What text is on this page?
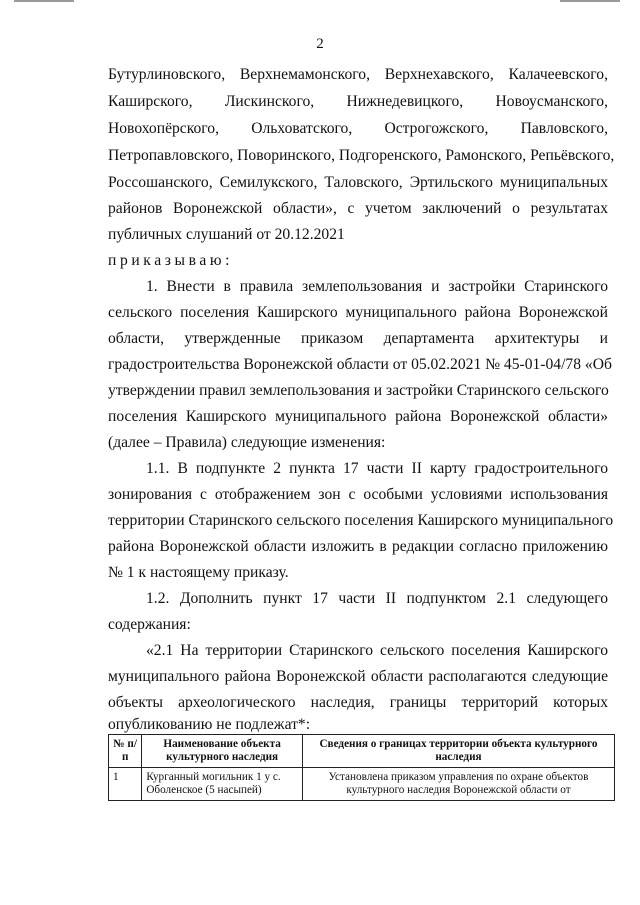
2
Бутурлиновского, Верхнемамонского, Верхнехавского, Калачеевского,
Каширского, Лискинского, Нижнедевицкого, Новоусманского,
Новохопёрского, Ольховатского, Острогожского, Павловского,
Петропавловского, Поворинского, Подгоренского, Рамонского, Репьёвского,
Россошанского, Семилукского, Таловского, Эртильского муниципальных
районов Воронежской области», с учетом заключений о результатах
публичных слушаний от 20.12.2021
приказываю:
1. Внести в правила землепользования и застройки Старинского
сельского поселения Каширского муниципального района Воронежской
области, утвержденные приказом департамента архитектуры и
градостроительства Воронежской области от 05.02.2021 № 45-01-04/78 «Об
утверждении правил землепользования и застройки Старинского сельского
поселения Каширского муниципального района Воронежской области»
(далее – Правила) следующие изменения:
1.1. В подпункте 2 пункта 17 части II карту градостроительного
зонирования с отображением зон с особыми условиями использования
территории Старинского сельского поселения Каширского муниципального
района Воронежской области изложить в редакции согласно приложению
№ 1 к настоящему приказу.
1.2. Дополнить пункт 17 части II подпунктом 2.1 следующего
содержания:
«2.1 На территории Старинского сельского поселения Каширского
муниципального района Воронежской области располагаются следующие
объекты археологического наследия, границы территорий которых
опубликованию не подлежат*:
№ п/п	Наименование объекта культурного наследия	Сведения о границах территории объекта культурного наследия
1	Курганный могильник 1 у с. Оболенское (5 насыпей)	Установлена приказом управления по охране объектов культурного наследия Воронежской области от
